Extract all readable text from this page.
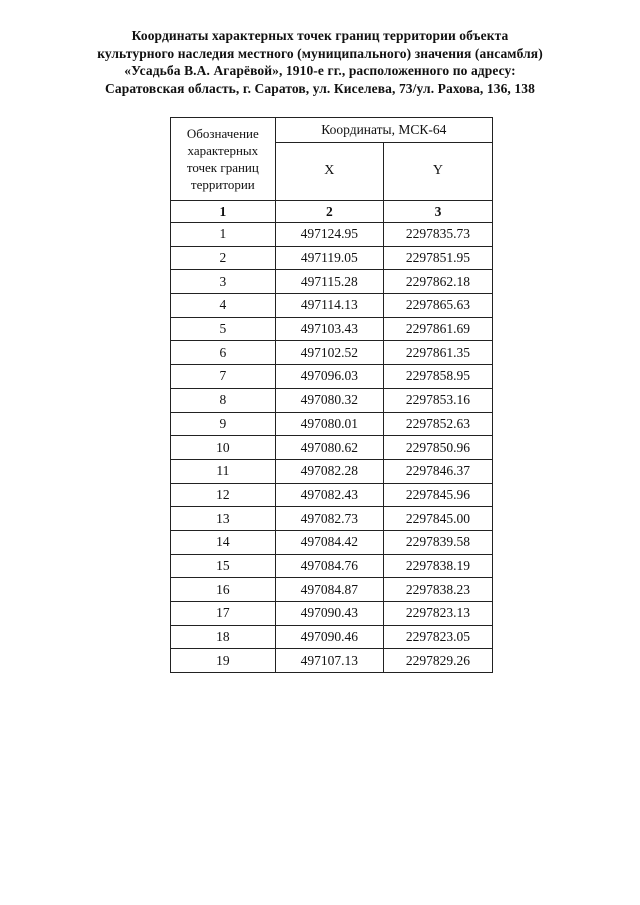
Координаты характерных точек границ территории объекта
культурного наследия местного (муниципального) значения (ансамбля)
«Усадьба В.А. Агарёвой», 1910-е гг., расположенного по адресу:
Саратовская область, г. Саратов, ул. Киселева, 73/ул. Рахова, 136, 138
Обозначение характерных точек границ территории	Координаты, МСК-64	
	X	Y
1	2	3
1	497124.95	2297835.73
2	497119.05	2297851.95
3	497115.28	2297862.18
4	497114.13	2297865.63
5	497103.43	2297861.69
6	497102.52	2297861.35
7	497096.03	2297858.95
8	497080.32	2297853.16
9	497080.01	2297852.63
10	497080.62	2297850.96
11	497082.28	2297846.37
12	497082.43	2297845.96
13	497082.73	2297845.00
14	497084.42	2297839.58
15	497084.76	2297838.19
16	497084.87	2297838.23
17	497090.43	2297823.13
18	497090.46	2297823.05
19	497107.13	2297829.26
